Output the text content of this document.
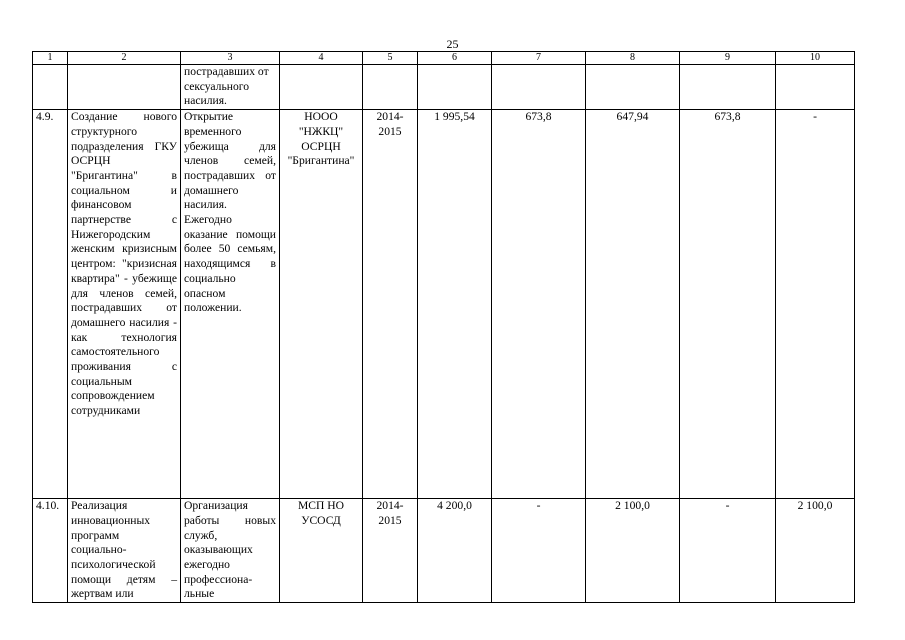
25
1	2	3	4	5	6	7	8	9	10
		пострадавших от сексуального насилия.							
4.9.	Создание нового структурного подразделения ГКУ ОСРЦН "Бригантина" в социальном и финансовом партнерстве с Нижегородским женским кризисным центром: "кризисная квартира" - убежище для членов семей, пострадавших от домашнего насилия - как технология самостоятельного проживания с социальным сопровождением сотрудниками	Открытие временного убежища для членов семей, пострадавших от домашнего насилия. Ежегодно оказание помощи более 50 семьям, находящимся в социально опасном положении.	НООО "НЖКЦ" ОСРЦН "Бригантина"	2014-2015	1 995,54	673,8	647,94	673,8	-
4.10.	Реализация инновационных программ социально-психологической помощи детям – жертвам или	Организация работы новых служб, оказывающих ежегодно профессиона-льные	МСП НО УСОСД	2014-2015	4 200,0	-	2 100,0	-	2 100,0
